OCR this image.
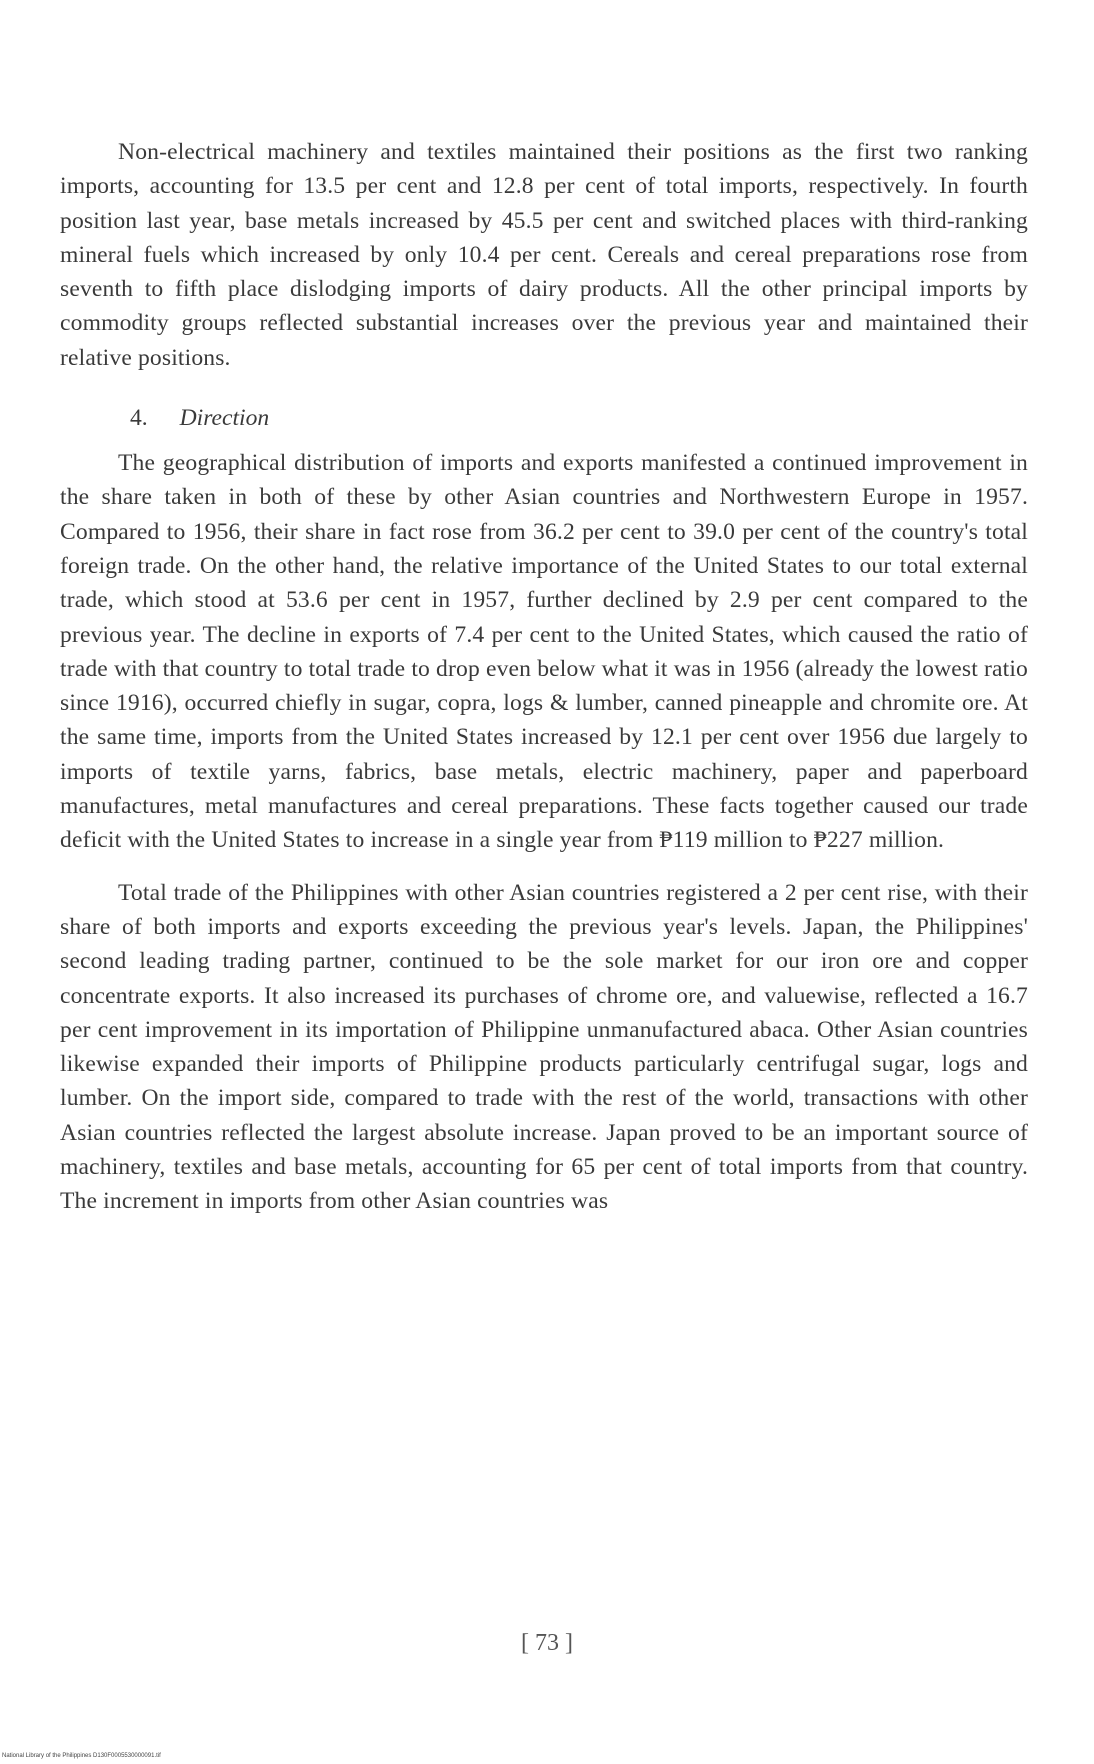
Non-electrical machinery and textiles maintained their positions as the first two ranking imports, accounting for 13.5 per cent and 12.8 per cent of total imports, respectively. In fourth position last year, base metals increased by 45.5 per cent and switched places with third-ranking mineral fuels which increased by only 10.4 per cent. Cereals and cereal preparations rose from seventh to fifth place dislodging imports of dairy products. All the other principal imports by commodity groups reflected substantial increases over the previous year and maintained their relative positions.

4. Direction

The geographical distribution of imports and exports manifested a continued improvement in the share taken in both of these by other Asian countries and Northwestern Europe in 1957. Compared to 1956, their share in fact rose from 36.2 per cent to 39.0 per cent of the country's total foreign trade. On the other hand, the relative importance of the United States to our total external trade, which stood at 53.6 per cent in 1957, further declined by 2.9 per cent compared to the previous year. The decline in exports of 7.4 per cent to the United States, which caused the ratio of trade with that country to total trade to drop even below what it was in 1956 (already the lowest ratio since 1916), occurred chiefly in sugar, copra, logs & lumber, canned pineapple and chromite ore. At the same time, imports from the United States increased by 12.1 per cent over 1956 due largely to imports of textile yarns, fabrics, base metals, electric machinery, paper and paperboard manufactures, metal manufactures and cereal preparations. These facts together caused our trade deficit with the United States to increase in a single year from ₱119 million to ₱227 million.

Total trade of the Philippines with other Asian countries registered a 2 per cent rise, with their share of both imports and exports exceeding the previous year's levels. Japan, the Philippines' second leading trading partner, continued to be the sole market for our iron ore and copper concentrate exports. It also increased its purchases of chrome ore, and valuewise, reflected a 16.7 per cent improvement in its importation of Philippine unmanufactured abaca. Other Asian countries likewise expanded their imports of Philippine products particularly centrifugal sugar, logs and lumber. On the import side, compared to trade with the rest of the world, transactions with other Asian countries reflected the largest absolute increase. Japan proved to be an important source of machinery, textiles and base metals, accounting for 65 per cent of total imports from that country. The increment in imports from other Asian countries was

[ 73 ]
National Library of the Philippines D130F0005530000091.tif
